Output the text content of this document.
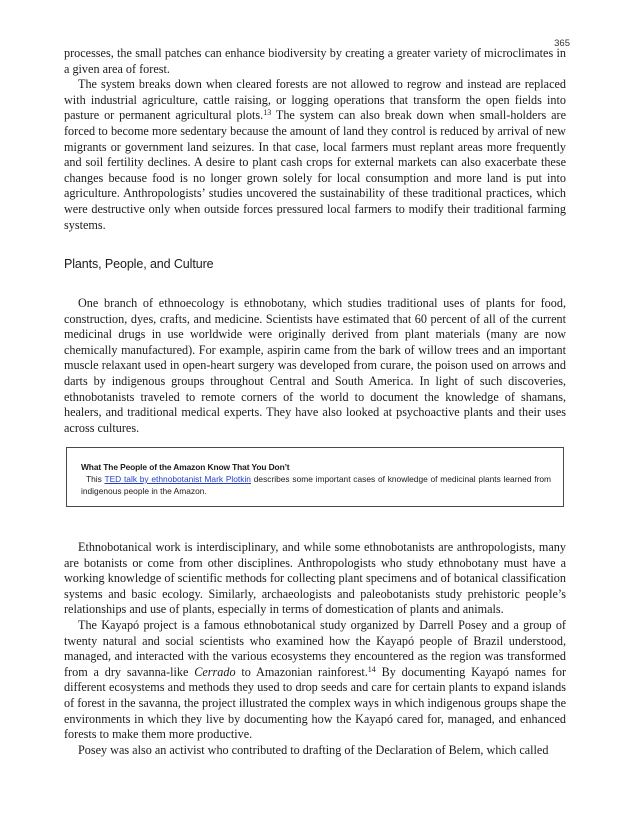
365

processes, the small patches can enhance biodiversity by creating a greater variety of microclimates in a given area of forest.

The system breaks down when cleared forests are not allowed to regrow and instead are replaced with industrial agriculture, cattle raising, or logging operations that transform the open fields into pasture or permanent agricultural plots.$^{13}$ The system can also break down when small-holders are forced to become more sedentary because the amount of land they control is reduced by arrival of new migrants or government land seizures. In that case, local farmers must replant areas more frequently and soil fertility declines. A desire to plant cash crops for external markets can also exacerbate these changes because food is no longer grown solely for local consumption and more land is put into agriculture. Anthropologists’ studies uncovered the sustainability of these traditional practices, which were destructive only when outside forces pressured local farmers to modify their traditional farming systems.

Plants, People, and Culture

One branch of ethnoecology is ethnobotany, which studies traditional uses of plants for food, construction, dyes, crafts, and medicine. Scientists have estimated that 60 percent of all of the current medicinal drugs in use worldwide were originally derived from plant materials (many are now chemically manufactured). For example, aspirin came from the bark of willow trees and an important muscle relaxant used in open-heart surgery was developed from curare, the poison used on arrows and darts by indigenous groups throughout Central and South America. In light of such discoveries, ethnobotanists traveled to remote corners of the world to document the knowledge of shamans, healers, and traditional medical experts. They have also looked at psychoactive plants and their uses across cultures.

What The People of the Amazon Know That You Don’t
This TED talk by ethnobotanist Mark Plotkin describes some important cases of knowledge of medicinal plants learned from indigenous people in the Amazon.

Ethnobotanical work is interdisciplinary, and while some ethnobotanists are anthropologists, many are botanists or come from other disciplines. Anthropologists who study ethnobotany must have a working knowledge of scientific methods for collecting plant specimens and of botanical classification systems and basic ecology. Similarly, archaeologists and paleobotanists study prehistoric people’s relationships and use of plants, especially in terms of domestication of plants and animals.

The Kayapó project is a famous ethnobotanical study organized by Darrell Posey and a group of twenty natural and social scientists who examined how the Kayapó people of Brazil understood, managed, and interacted with the various ecosystems they encountered as the region was transformed from a dry savanna-like Cerrado to Amazonian rainforest.$^{14}$ By documenting Kayapó names for different ecosystems and methods they used to drop seeds and care for certain plants to expand islands of forest in the savanna, the project illustrated the complex ways in which indigenous groups shape the environments in which they live by documenting how the Kayapó cared for, managed, and enhanced forests to make them more productive.

Posey was also an activist who contributed to drafting of the Declaration of Belem, which called
